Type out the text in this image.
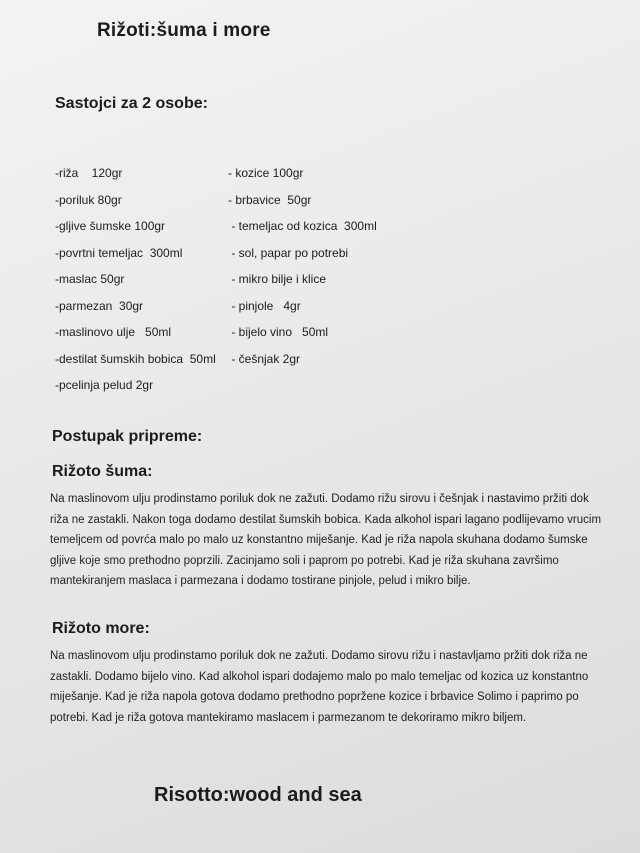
Rižoti:šuma i more
Sastojci za 2 osobe:
-riža    120gr
-poriluk 80gr
-gljive šumske 100gr
-povrtni temeljac  300ml
-maslac 50gr
-parmezan  30gr
-maslinovo ulje   50ml
-destilat šumskih bobica  50ml
-pcelinja pelud 2gr
- kozice 100gr
- brbavice  50gr
- temeljac od kozica  300ml
- sol, papar po potrebi
- mikro bilje i klice
- pinjole   4gr
- bijelo vino   50ml
- češnjak 2gr
Postupak pripreme:
Rižoto šuma:
Na maslinovom ulju prodinstamo poriluk dok ne zažuti. Dodamo rižu sirovu i češnjak i nastavimo pržiti dok riža ne zastakli. Nakon toga dodamo destilat šumskih bobica. Kada alkohol ispari lagano podlijevamo vrucim temeljcem od povrća malo po malo uz konstantno miješanje. Kad je riža napola skuhana dodamo šumske gljive koje smo prethodno poprzili. Zacinjamo soli i paprom po potrebi. Kad je riža skuhana završimo mantekiranjem maslaca i parmezana i dodamo tostirane pinjole, pelud i mikro bilje.
Rižoto more:
Na maslinovom ulju prodinstamo poriluk dok ne zažuti. Dodamo sirovu rižu i nastavljamo pržiti dok riža ne zastakli. Dodamo bijelo vino. Kad alkohol ispari dodajemo malo po malo temeljac od kozica uz konstantno miješanje. Kad je riža napola gotova dodamo prethodno popržene kozice i brbavice Solimo i paprimo po potrebi. Kad je riža gotova mantekiramo maslacem i parmezanom te dekoriramo mikro biljem.
Risotto:wood and sea
